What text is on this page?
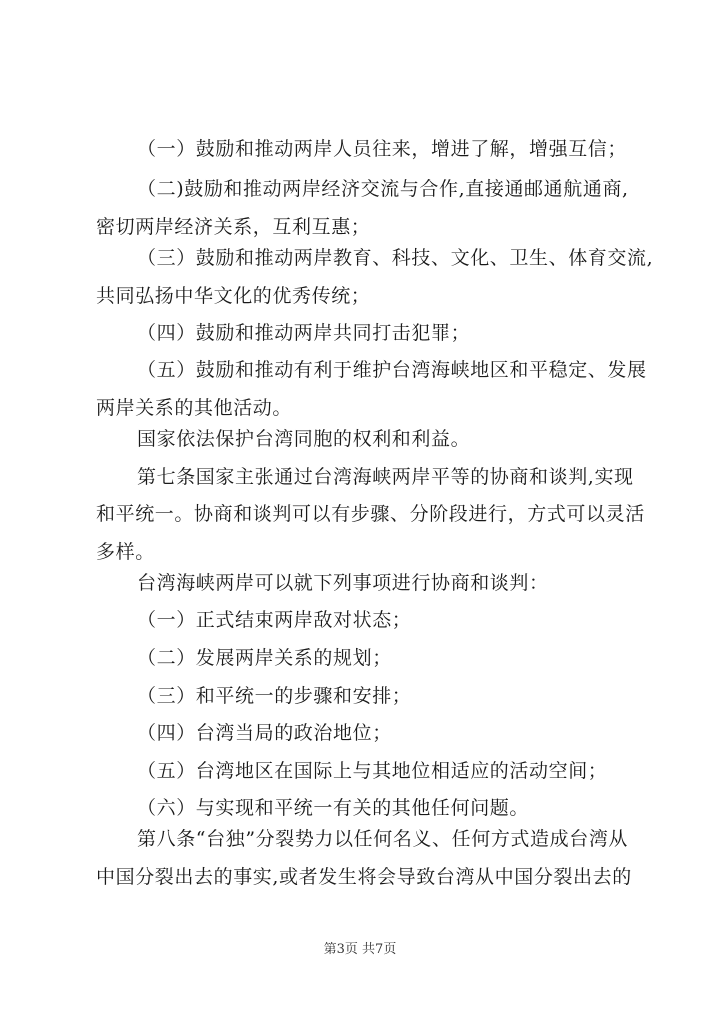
（一）鼓励和推动两岸人员往来，增进了解，增强互信；
（二)鼓励和推动两岸经济交流与合作,直接通邮通航通商,
密切两岸经济关系，互利互惠；
（三）鼓励和推动两岸教育、科技、文化、卫生、体育交流,
共同弘扬中华文化的优秀传统；
（四）鼓励和推动两岸共同打击犯罪；
（五）鼓励和推动有利于维护台湾海峡地区和平稳定、发展
两岸关系的其他活动。
国家依法保护台湾同胞的权利和利益。
第七条国家主张通过台湾海峡两岸平等的协商和谈判,实现
和平统一。协商和谈判可以有步骤、分阶段进行，方式可以灵活
多样。
台湾海峡两岸可以就下列事项进行协商和谈判：
（一）正式结束两岸敌对状态；
（二）发展两岸关系的规划；
（三）和平统一的步骤和安排；
（四）台湾当局的政治地位；
（五）台湾地区在国际上与其地位相适应的活动空间；
（六）与实现和平统一有关的其他任何问题。
第八条“台独”分裂势力以任何名义、任何方式造成台湾从
中国分裂出去的事实,或者发生将会导致台湾从中国分裂出去的
第3页 共7页
